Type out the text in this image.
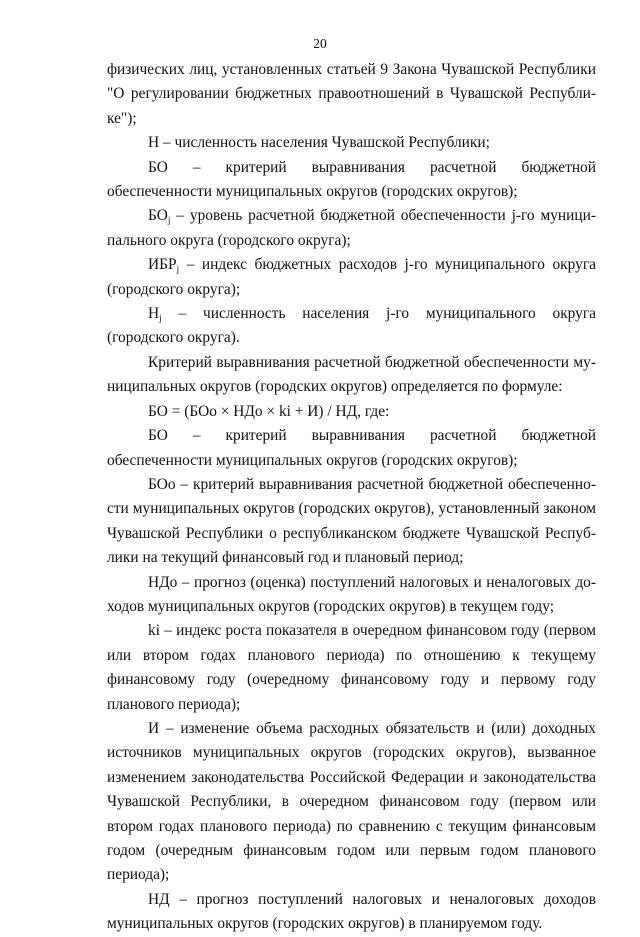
20

физических лиц, установленных статьей 9 Закона Чувашской Республики "О регулировании бюджетных правоотношений в Чувашской Республике");

Н – численность населения Чувашской Республики;

БО – критерий выравнивания расчетной бюджетной обеспеченности муниципальных округов (городских округов);

$БО_j$ – уровень расчетной бюджетной обеспеченности j-го муниципального округа (городского округа);

$ИБР_j$ – индекс бюджетных расходов j-го муниципального округа (городского округа);

$Н_j$ – численность населения j-го муниципального округа (городского округа).

Критерий выравнивания расчетной бюджетной обеспеченности муниципальных округов (городских округов) определяется по формуле:

БО = (БОо × НДо × ki + И) / НД, где:

БО – критерий выравнивания расчетной бюджетной обеспеченности муниципальных округов (городских округов);

БОо – критерий выравнивания расчетной бюджетной обеспеченности муниципальных округов (городских округов), установленный законом Чувашской Республики о республиканском бюджете Чувашской Республики на текущий финансовый год и плановый период;

НДо – прогноз (оценка) поступлений налоговых и неналоговых доходов муниципальных округов (городских округов) в текущем году;

ki – индекс роста показателя в очередном финансовом году (первом или втором годах планового периода) по отношению к текущему финансовому году (очередному финансовому году и первому году планового периода);

И – изменение объема расходных обязательств и (или) доходных источников муниципальных округов (городских округов), вызванное изменением законодательства Российской Федерации и законодательства Чувашской Республики, в очередном финансовом году (первом или втором годах планового периода) по сравнению с текущим финансовым годом (очередным финансовым годом или первым годом планового периода);

НД – прогноз поступлений налоговых и неналоговых доходов муниципальных округов (городских округов) в планируемом году.
